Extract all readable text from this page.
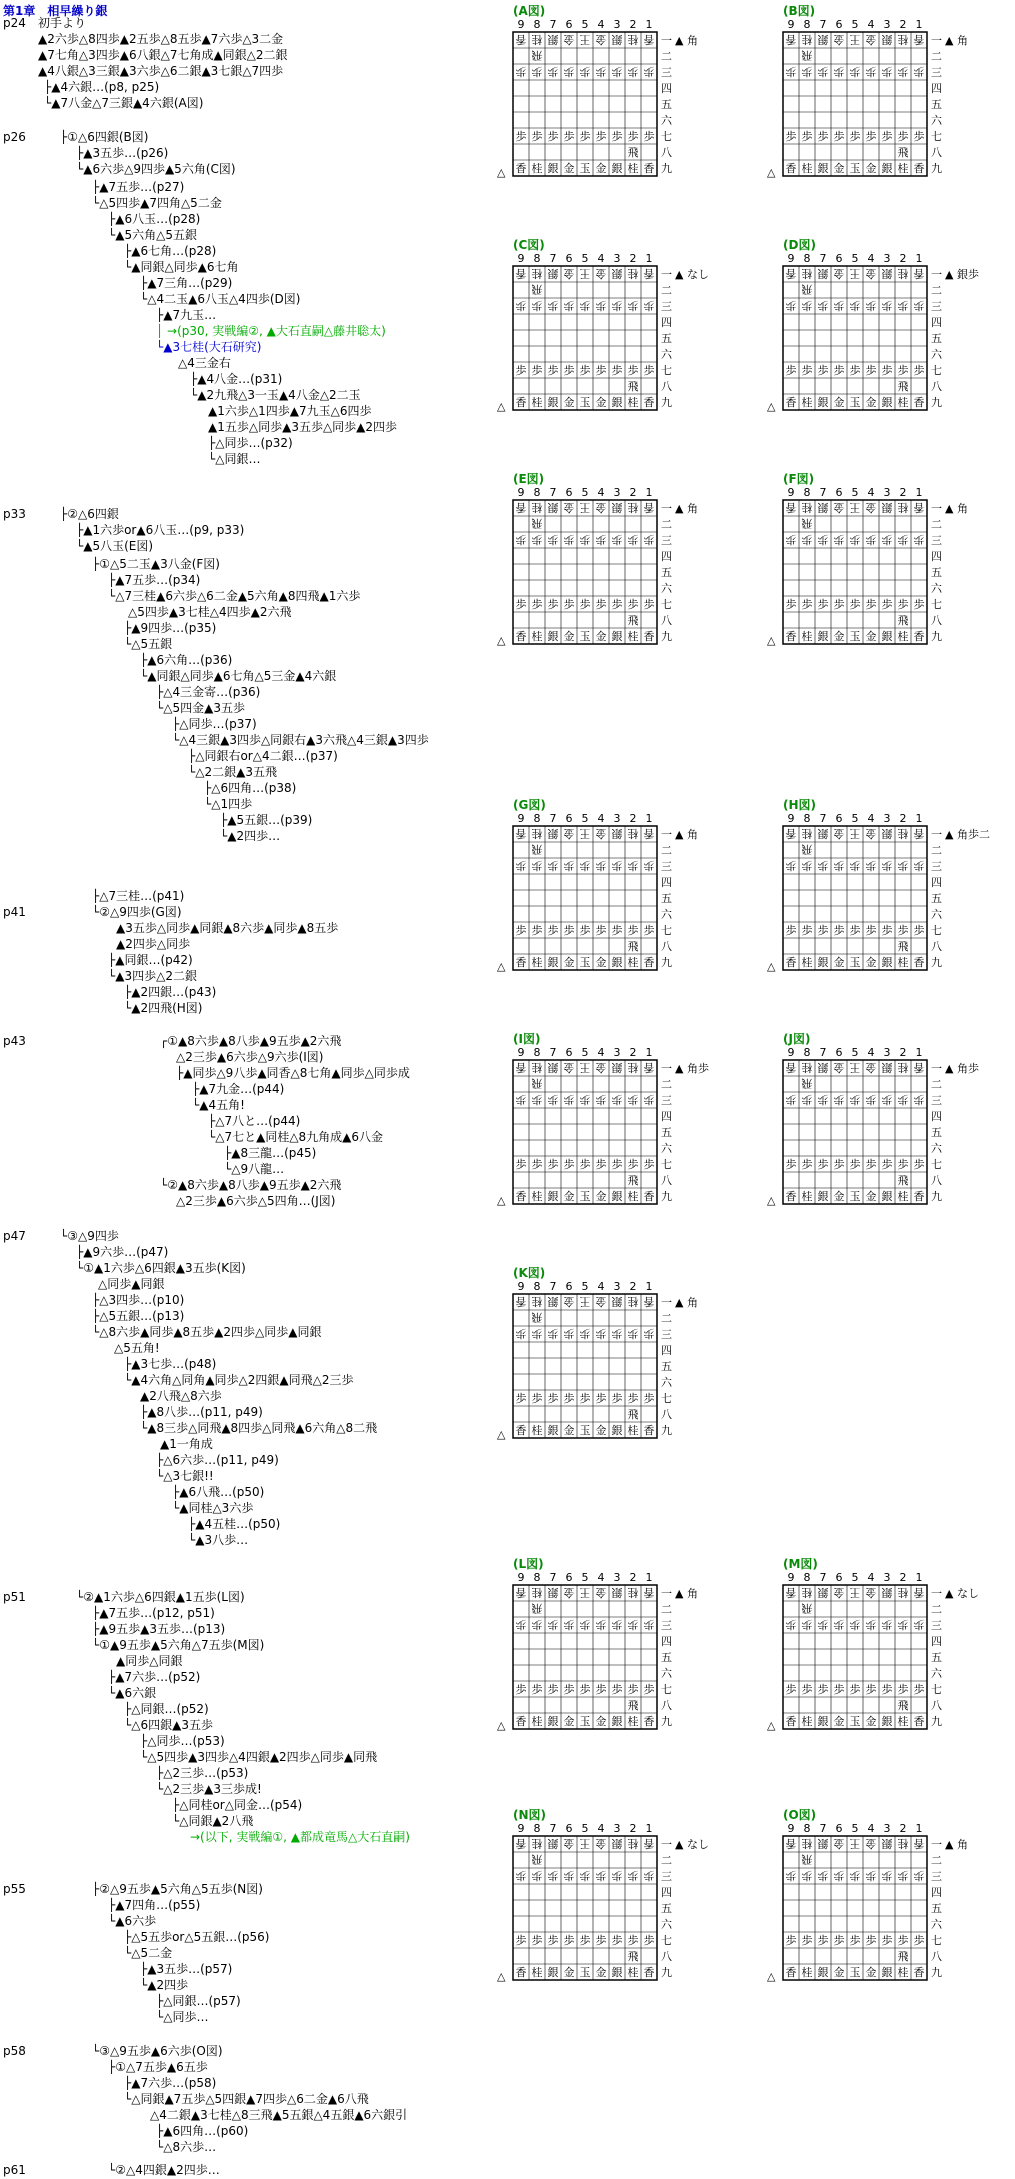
第1章　相早繰り銀
p24
p26
p33
p41
p43
p47
p51
p55
p58
p61
初手より
▲2六歩△8四歩▲2五歩△8五歩▲7六歩△3二金
▲7七角△3四歩▲6八銀△7七角成▲同銀△2二銀
▲4八銀△3三銀▲3六歩△6二銀▲3七銀△7四歩
├▲4六銀…(p8, p25)
└▲7八金△7三銀▲4六銀(A図)
├①△6四銀(B図)
├▲3五歩…(p26)
└▲6六歩△9四歩▲5六角(C図)
├▲7五歩…(p27)
└△5四歩▲7四角△5二金
├▲6八玉…(p28)
└▲5六角△5五銀
├▲6七角…(p28)
└▲同銀△同歩▲6七角
├▲7三角…(p29)
└△4二玉▲6八玉△4四歩(D図)
├▲7九玉…
│ →(p30, 実戦編②, ▲大石直嗣△藤井聡太)
└▲3七桂(大石研究)
△4三金右
├▲4八金…(p31)
└▲2九飛△3一玉▲4八金△2二玉
▲1六歩△1四歩▲7九玉△6四歩
▲1五歩△同歩▲3五歩△同歩▲2四歩
├△同歩…(p32)
└△同銀…
├②△6四銀
├▲1六歩or▲6八玉…(p9, p33)
└▲5八玉(E図)
├①△5二玉▲3八金(F図)
├▲7五歩…(p34)
└△7三桂▲6六歩△6二金▲5六角▲8四飛▲1六歩
△5四歩▲3七桂△4四歩▲2六飛
├▲9四歩…(p35)
└△5五銀
├▲6六角…(p36)
└▲同銀△同歩▲6七角△5三金▲4六銀
├△4三金寄…(p36)
└△5四金▲3五歩
├△同歩…(p37)
└△4三銀▲3四歩△同銀右▲3六飛△4三銀▲3四歩
├△同銀右or△4二銀…(p37)
└△2二銀▲3五飛
├△6四角…(p38)
└△1四歩
├▲5五銀…(p39)
└▲2四歩…
├△7三桂…(p41)
└②△9四歩(G図)
▲3五歩△同歩▲同銀▲8六歩▲同歩▲8五歩
▲2四歩△同歩
├▲同銀…(p42)
└▲3四歩△2二銀
├▲2四銀…(p43)
└▲2四飛(H図)
┌①▲8六歩▲8八歩▲9五歩▲2六飛
△2三歩▲6六歩△9六歩(I図)
├▲同歩△9八歩▲同香△8七角▲同歩△同歩成
├▲7九金…(p44)
└▲4五角!
├△7八と…(p44)
└△7七と▲同桂△8九角成▲6八金
├▲8三龍…(p45)
└△9八龍…
└②▲8六歩▲8八歩▲9五歩▲2六飛
△2三歩▲6六歩△5四角…(J図)
└③△9四歩
├▲9六歩…(p47)
└①▲1六歩△6四銀▲3五歩(K図)
△同歩▲同銀
├△3四歩…(p10)
├△5五銀…(p13)
└△8六歩▲同歩▲8五歩▲2四歩△同歩▲同銀
△5五角!
├▲3七歩…(p48)
└▲4六角△同角▲同歩△2四銀▲同飛△2三歩
▲2八飛△8六歩
├▲8八歩…(p11, p49)
└▲8三歩△同飛▲8四歩△同飛▲6六角△8二飛
▲1一角成
├△6六歩…(p11, p49)
└△3七銀!!
├▲6八飛…(p50)
└▲同桂△3六歩
├▲4五桂…(p50)
└▲3八歩…
└②▲1六歩△6四銀▲1五歩(L図)
├▲7五歩…(p12, p51)
├▲9五歩▲3五歩…(p13)
└①▲9五歩▲5六角△7五歩(M図)
▲同歩△同銀
├▲7六歩…(p52)
└▲6六銀
├△同銀…(p52)
└△6四銀▲3五歩
├△同歩…(p53)
└△5四歩▲3四歩△4四銀▲2四歩△同歩▲同飛
├△2三歩…(p53)
└△2三歩▲3三歩成!
├△同桂or△同金…(p54)
└△同銀▲2八飛
→(以下, 実戦編①, ▲都成竜馬△大石直嗣)
├②△9五歩▲5六角△5五歩(N図)
├▲7四角…(p55)
└▲6六歩
├△5五歩or△5五銀…(p56)
└△5二金
├▲3五歩…(p57)
└▲2四歩
├△同銀…(p57)
└△同歩…
└③△9五歩▲6六歩(O図)
├①△7五歩▲6五歩
├▲7六歩…(p58)
└△同銀▲7五歩△5四銀▲7四歩△6二金▲6八飛
△4二銀▲3七桂△8三飛▲5五銀△4五銀▲6六銀引
├▲6四角…(p60)
└△8六歩…
└②△4四銀▲2四歩…
(A図)
9 8 7 6 5 4 3 2 1
一
二
三
四
五
六
七
八
九
▲ 角
△
香
香
歩
歩
桂
桂
歩
歩
銀
銀
歩
歩
金
金
歩
歩
王
玉
歩
歩
金
金
歩
歩
銀
銀
歩
歩
桂
桂
歩
歩
香
香
歩
歩
飛
飛
(B図)
9 8 7 6 5 4 3 2 1
一
二
三
四
五
六
七
八
九
▲ 角
△
香
香
歩
歩
桂
桂
歩
歩
銀
銀
歩
歩
金
金
歩
歩
王
玉
歩
歩
金
金
歩
歩
銀
銀
歩
歩
桂
桂
歩
歩
香
香
歩
歩
飛
飛
(C図)
9 8 7 6 5 4 3 2 1
一
二
三
四
五
六
七
八
九
▲ なし
△
香
香
歩
歩
桂
桂
歩
歩
銀
銀
歩
歩
金
金
歩
歩
王
玉
歩
歩
金
金
歩
歩
銀
銀
歩
歩
桂
桂
歩
歩
香
香
歩
歩
飛
飛
(D図)
9 8 7 6 5 4 3 2 1
一
二
三
四
五
六
七
八
九
▲ 銀歩
△
香
香
歩
歩
桂
桂
歩
歩
銀
銀
歩
歩
金
金
歩
歩
王
玉
歩
歩
金
金
歩
歩
銀
銀
歩
歩
桂
桂
歩
歩
香
香
歩
歩
飛
飛
(E図)
9 8 7 6 5 4 3 2 1
一
二
三
四
五
六
七
八
九
▲ 角
△
香
香
歩
歩
桂
桂
歩
歩
銀
銀
歩
歩
金
金
歩
歩
王
玉
歩
歩
金
金
歩
歩
銀
銀
歩
歩
桂
桂
歩
歩
香
香
歩
歩
飛
飛
(F図)
9 8 7 6 5 4 3 2 1
一
二
三
四
五
六
七
八
九
▲ 角
△
香
香
歩
歩
桂
桂
歩
歩
銀
銀
歩
歩
金
金
歩
歩
王
玉
歩
歩
金
金
歩
歩
銀
銀
歩
歩
桂
桂
歩
歩
香
香
歩
歩
飛
飛
(G図)
9 8 7 6 5 4 3 2 1
一
二
三
四
五
六
七
八
九
▲ 角
△
香
香
歩
歩
桂
桂
歩
歩
銀
銀
歩
歩
金
金
歩
歩
王
玉
歩
歩
金
金
歩
歩
銀
銀
歩
歩
桂
桂
歩
歩
香
香
歩
歩
飛
飛
(H図)
9 8 7 6 5 4 3 2 1
一
二
三
四
五
六
七
八
九
▲ 角歩二
△
香
香
歩
歩
桂
桂
歩
歩
銀
銀
歩
歩
金
金
歩
歩
王
玉
歩
歩
金
金
歩
歩
銀
銀
歩
歩
桂
桂
歩
歩
香
香
歩
歩
飛
飛
(I図)
9 8 7 6 5 4 3 2 1
一
二
三
四
五
六
七
八
九
▲ 角歩
△
香
香
歩
歩
桂
桂
歩
歩
銀
銀
歩
歩
金
金
歩
歩
王
玉
歩
歩
金
金
歩
歩
銀
銀
歩
歩
桂
桂
歩
歩
香
香
歩
歩
飛
飛
(J図)
9 8 7 6 5 4 3 2 1
一
二
三
四
五
六
七
八
九
▲ 角歩
△
香
香
歩
歩
桂
桂
歩
歩
銀
銀
歩
歩
金
金
歩
歩
王
玉
歩
歩
金
金
歩
歩
銀
銀
歩
歩
桂
桂
歩
歩
香
香
歩
歩
飛
飛
(K図)
9 8 7 6 5 4 3 2 1
一
二
三
四
五
六
七
八
九
▲ 角
△
香
香
歩
歩
桂
桂
歩
歩
銀
銀
歩
歩
金
金
歩
歩
王
玉
歩
歩
金
金
歩
歩
銀
銀
歩
歩
桂
桂
歩
歩
香
香
歩
歩
飛
飛
(L図)
9 8 7 6 5 4 3 2 1
一
二
三
四
五
六
七
八
九
▲ 角
△
香
香
歩
歩
桂
桂
歩
歩
銀
銀
歩
歩
金
金
歩
歩
王
玉
歩
歩
金
金
歩
歩
銀
銀
歩
歩
桂
桂
歩
歩
香
香
歩
歩
飛
飛
(M図)
9 8 7 6 5 4 3 2 1
一
二
三
四
五
六
七
八
九
▲ なし
△
香
香
歩
歩
桂
桂
歩
歩
銀
銀
歩
歩
金
金
歩
歩
王
玉
歩
歩
金
金
歩
歩
銀
銀
歩
歩
桂
桂
歩
歩
香
香
歩
歩
飛
飛
(N図)
9 8 7 6 5 4 3 2 1
一
二
三
四
五
六
七
八
九
▲ なし
△
香
香
歩
歩
桂
桂
歩
歩
銀
銀
歩
歩
金
金
歩
歩
王
玉
歩
歩
金
金
歩
歩
銀
銀
歩
歩
桂
桂
歩
歩
香
香
歩
歩
飛
飛
(O図)
9 8 7 6 5 4 3 2 1
一
二
三
四
五
六
七
八
九
▲ 角
△
香
香
歩
歩
桂
桂
歩
歩
銀
銀
歩
歩
金
金
歩
歩
王
玉
歩
歩
金
金
歩
歩
銀
銀
歩
歩
桂
桂
歩
歩
香
香
歩
歩
飛
飛
